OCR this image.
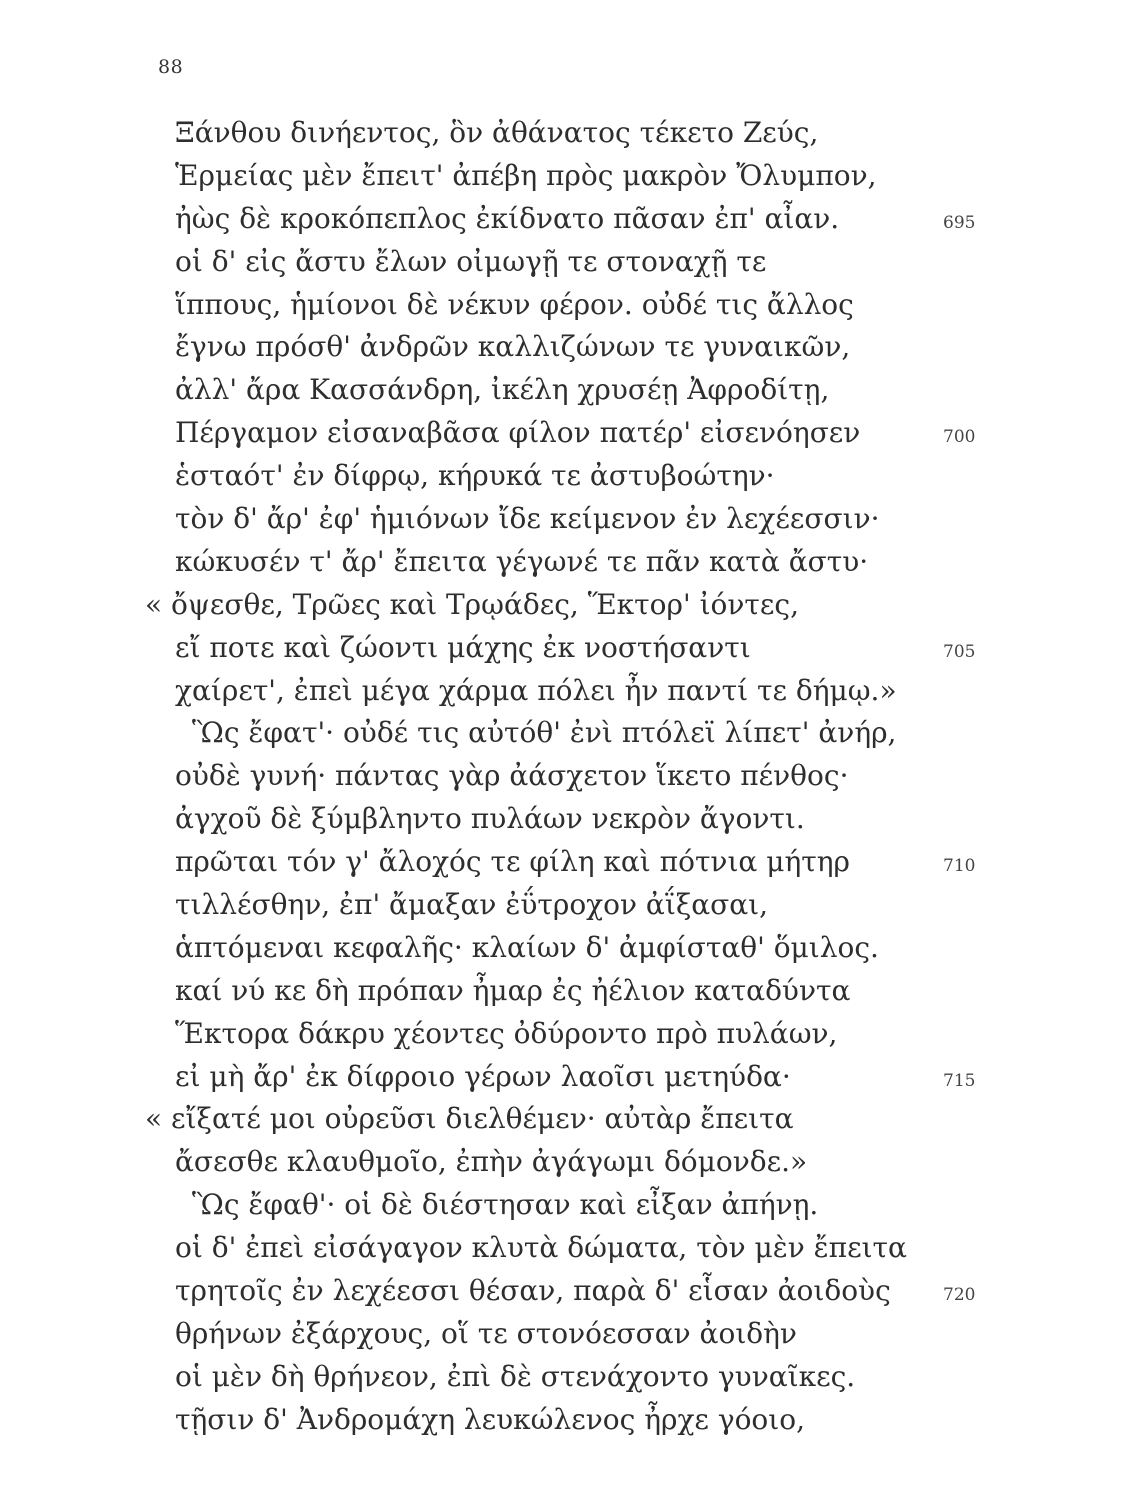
88
Ξάνθου δινήεντος, ὃν ἀθάνατος τέκετο Ζεύς,
Ἑρμείας μὲν ἔπειτ' ἀπέβη πρὸς μακρὸν Ὄλυμπον,
ἠὼς δὲ κροκόπεπλος ἐκίδνατο πᾶσαν ἐπ' αἶαν.	695
οἱ δ' εἰς ἄστυ ἔλων οἰμωγῇ τε στοναχῇ τε
ἵππους, ἡμίονοι δὲ νέκυν φέρον. οὐδέ τις ἄλλος
ἔγνω πρόσθ' ἀνδρῶν καλλιζώνων τε γυναικῶν,
ἀλλ' ἄρα Κασσάνδρη, ἰκέλη χρυσέῃ Ἀφροδίτῃ,
Πέργαμον εἰσαναβᾶσα φίλον πατέρ' εἰσενόησεν	700
ἑσταότ' ἐν δίφρῳ, κήρυκά τε ἀστυβοώτην·
τὸν δ' ἄρ' ἐφ' ἡμιόνων ἴδε κείμενον ἐν λεχέεσσιν·
κώκυσέν τ' ἄρ' ἔπειτα γέγωνέ τε πᾶν κατὰ ἄστυ·
« ὄψεσθε, Τρῶες καὶ Τρῳάδες, Ἕκτορ' ἰόντες,
εἴ ποτε καὶ ζώοντι μάχης ἐκ νοστήσαντι	705
χαίρετ', ἐπεὶ μέγα χάρμα πόλει ἦν παντί τε δήμῳ.»
Ὣς ἔφατ'· οὐδέ τις αὐτόθ' ἐνὶ πτόλεϊ λίπετ' ἀνήρ,
οὐδὲ γυνή· πάντας γὰρ ἀάσχετον ἵκετο πένθος·
ἀγχοῦ δὲ ξύμβληντο πυλάων νεκρὸν ἄγοντι.
πρῶται τόν γ' ἄλοχός τε φίλη καὶ πότνια μήτηρ	710
τιλλέσθην, ἐπ' ἄμαξαν ἐΰτροχον ἀΐξασαι,
ἁπτόμεναι κεφαλῆς· κλαίων δ' ἀμφίσταθ' ὅμιλος.
καί νύ κε δὴ πρόπαν ἦμαρ ἐς ἠέλιον καταδύντα
Ἕκτορα δάκρυ χέοντες ὀδύροντο πρὸ πυλάων,
εἰ μὴ ἄρ' ἐκ δίφροιο γέρων λαοῖσι μετηύδα·	715
« εἴξατέ μοι οὐρεῦσι διελθέμεν· αὐτὰρ ἔπειτα
ἄσεσθε κλαυθμοῖο, ἐπὴν ἀγάγωμι δόμονδε.»
Ὣς ἔφαθ'· οἱ δὲ διέστησαν καὶ εἶξαν ἀπήνῃ.
οἱ δ' ἐπεὶ εἰσάγαγον κλυτὰ δώματα, τὸν μὲν ἔπειτα
τρητοῖς ἐν λεχέεσσι θέσαν, παρὰ δ' εἷσαν ἀοιδοὺς	720
θρήνων ἐξάρχους, οἵ τε στονόεσσαν ἀοιδὴν
οἱ μὲν δὴ θρήνεον, ἐπὶ δὲ στενάχοντο γυναῖκες.
τῇσιν δ' Ἀνδρομάχη λευκώλενος ἦρχε γόοιο,
